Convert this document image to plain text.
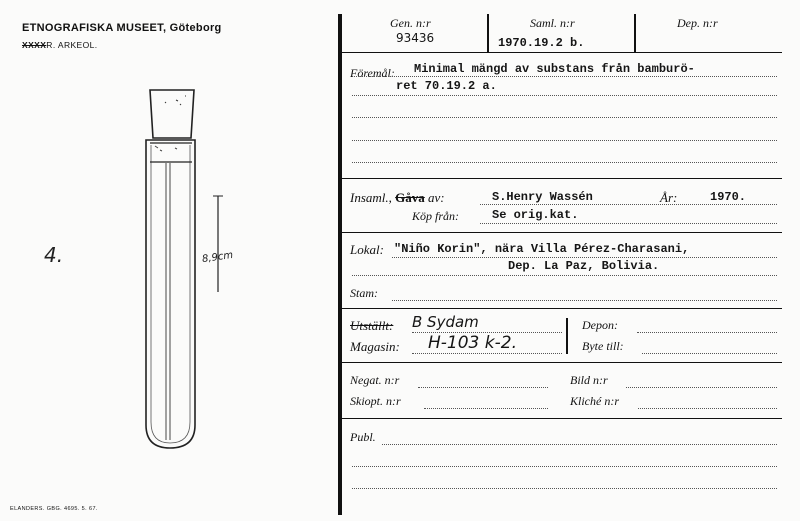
ETNOGRAFISKA MUSEET, Göteborg
XXXXR. ARKEOL.
4.	8,9cm
ELANDERS. GBG. 4695. 5. 67.
Gen. n:r
93436
Saml. n:r
1970.19.2 b.
Dep. n:r
Föremål: Minimal mängd av substans från bamburö-
ret 70.19.2 a.
Insaml., Gåva av:	S.Henry Wassén	År:	1970.
Köp från:	Se orig.kat.
Lokal: "Niño Korin", nära Villa Pérez-Charasani,
Dep. La Paz, Bolivia.
Stam:
Utställt: B Sydam
Magasin: H-103 k-2.
Depon:
Byte till:
Negat. n:r	Bild n:r
Skiopt. n:r	Kliché n:r
Publ.
